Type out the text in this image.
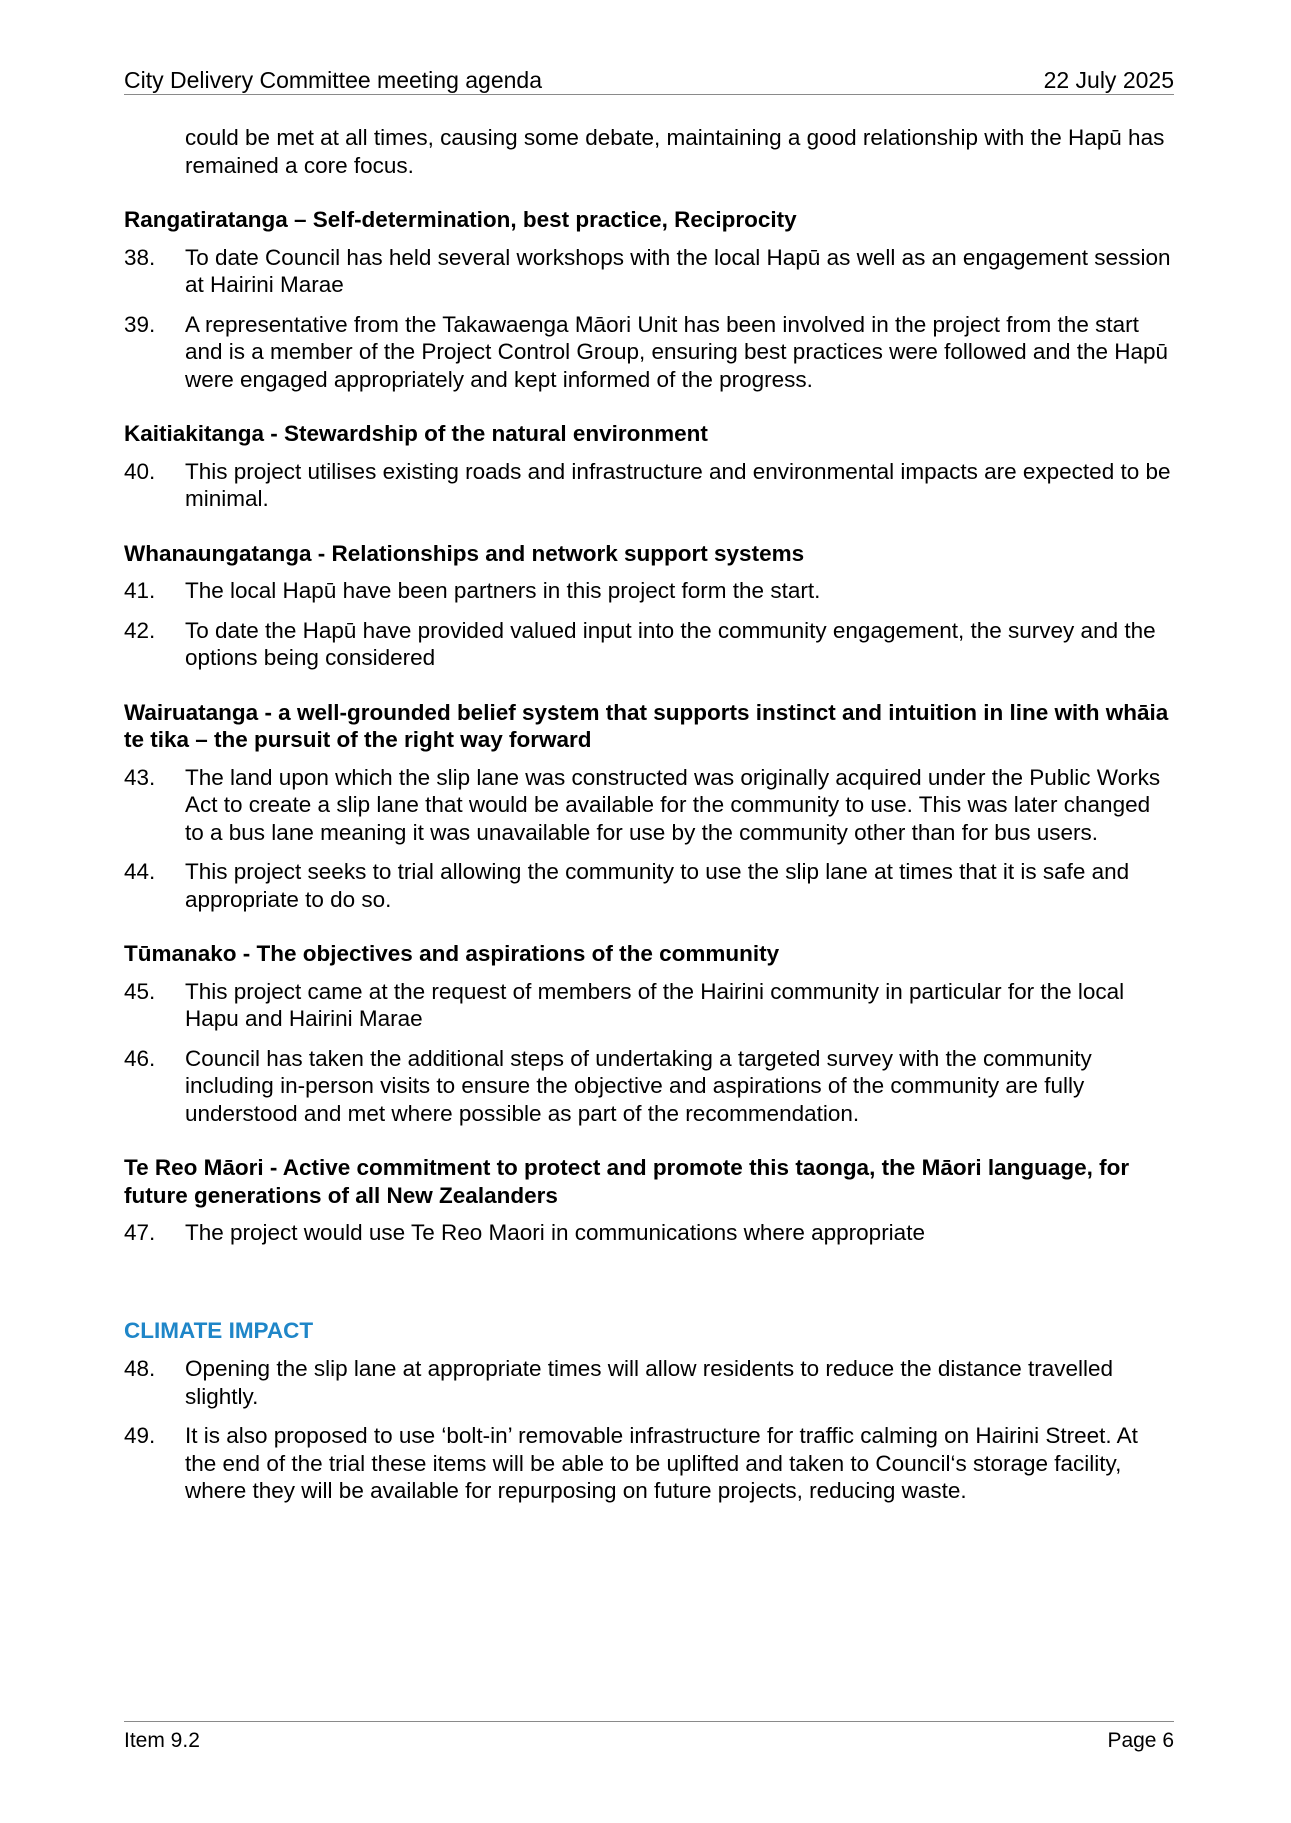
City Delivery Committee meeting agenda	22 July 2025

could be met at all times, causing some debate, maintaining a good relationship with the Hapū has remained a core focus.

Rangatiratanga – Self-determination, best practice, Reciprocity
38.	To date Council has held several workshops with the local Hapū as well as an engagement session at Hairini Marae
39.	A representative from the Takawaenga Māori Unit has been involved in the project from the start and is a member of the Project Control Group, ensuring best practices were followed and the Hapū were engaged appropriately and kept informed of the progress.
Kaitiakitanga - Stewardship of the natural environment
40.	This project utilises existing roads and infrastructure and environmental impacts are expected to be minimal.
Whanaungatanga - Relationships and network support systems
41.	The local Hapū have been partners in this project form the start.
42.	To date the Hapū have provided valued input into the community engagement, the survey and the options being considered
Wairuatanga - a well-grounded belief system that supports instinct and intuition in line with whāia te tika – the pursuit of the right way forward
43.	The land upon which the slip lane was constructed was originally acquired under the Public Works Act to create a slip lane that would be available for the community to use. This was later changed to a bus lane meaning it was unavailable for use by the community other than for bus users.
44.	This project seeks to trial allowing the community to use the slip lane at times that it is safe and appropriate to do so.
Tūmanako - The objectives and aspirations of the community
45.	This project came at the request of members of the Hairini community in particular for the local Hapu and Hairini Marae
46.	Council has taken the additional steps of undertaking a targeted survey with the community including in-person visits to ensure the objective and aspirations of the community are fully understood and met where possible as part of the recommendation.
Te Reo Māori - Active commitment to protect and promote this taonga, the Māori language, for future generations of all New Zealanders
47.	The project would use Te Reo Maori in communications where appropriate
CLIMATE IMPACT
48.	Opening the slip lane at appropriate times will allow residents to reduce the distance travelled slightly.
49.	It is also proposed to use ‘bolt-in’ removable infrastructure for traffic calming on Hairini Street. At the end of the trial these items will be able to be uplifted and taken to Council‘s storage facility, where they will be available for repurposing on future projects, reducing waste.
Item 9.2	Page 6
